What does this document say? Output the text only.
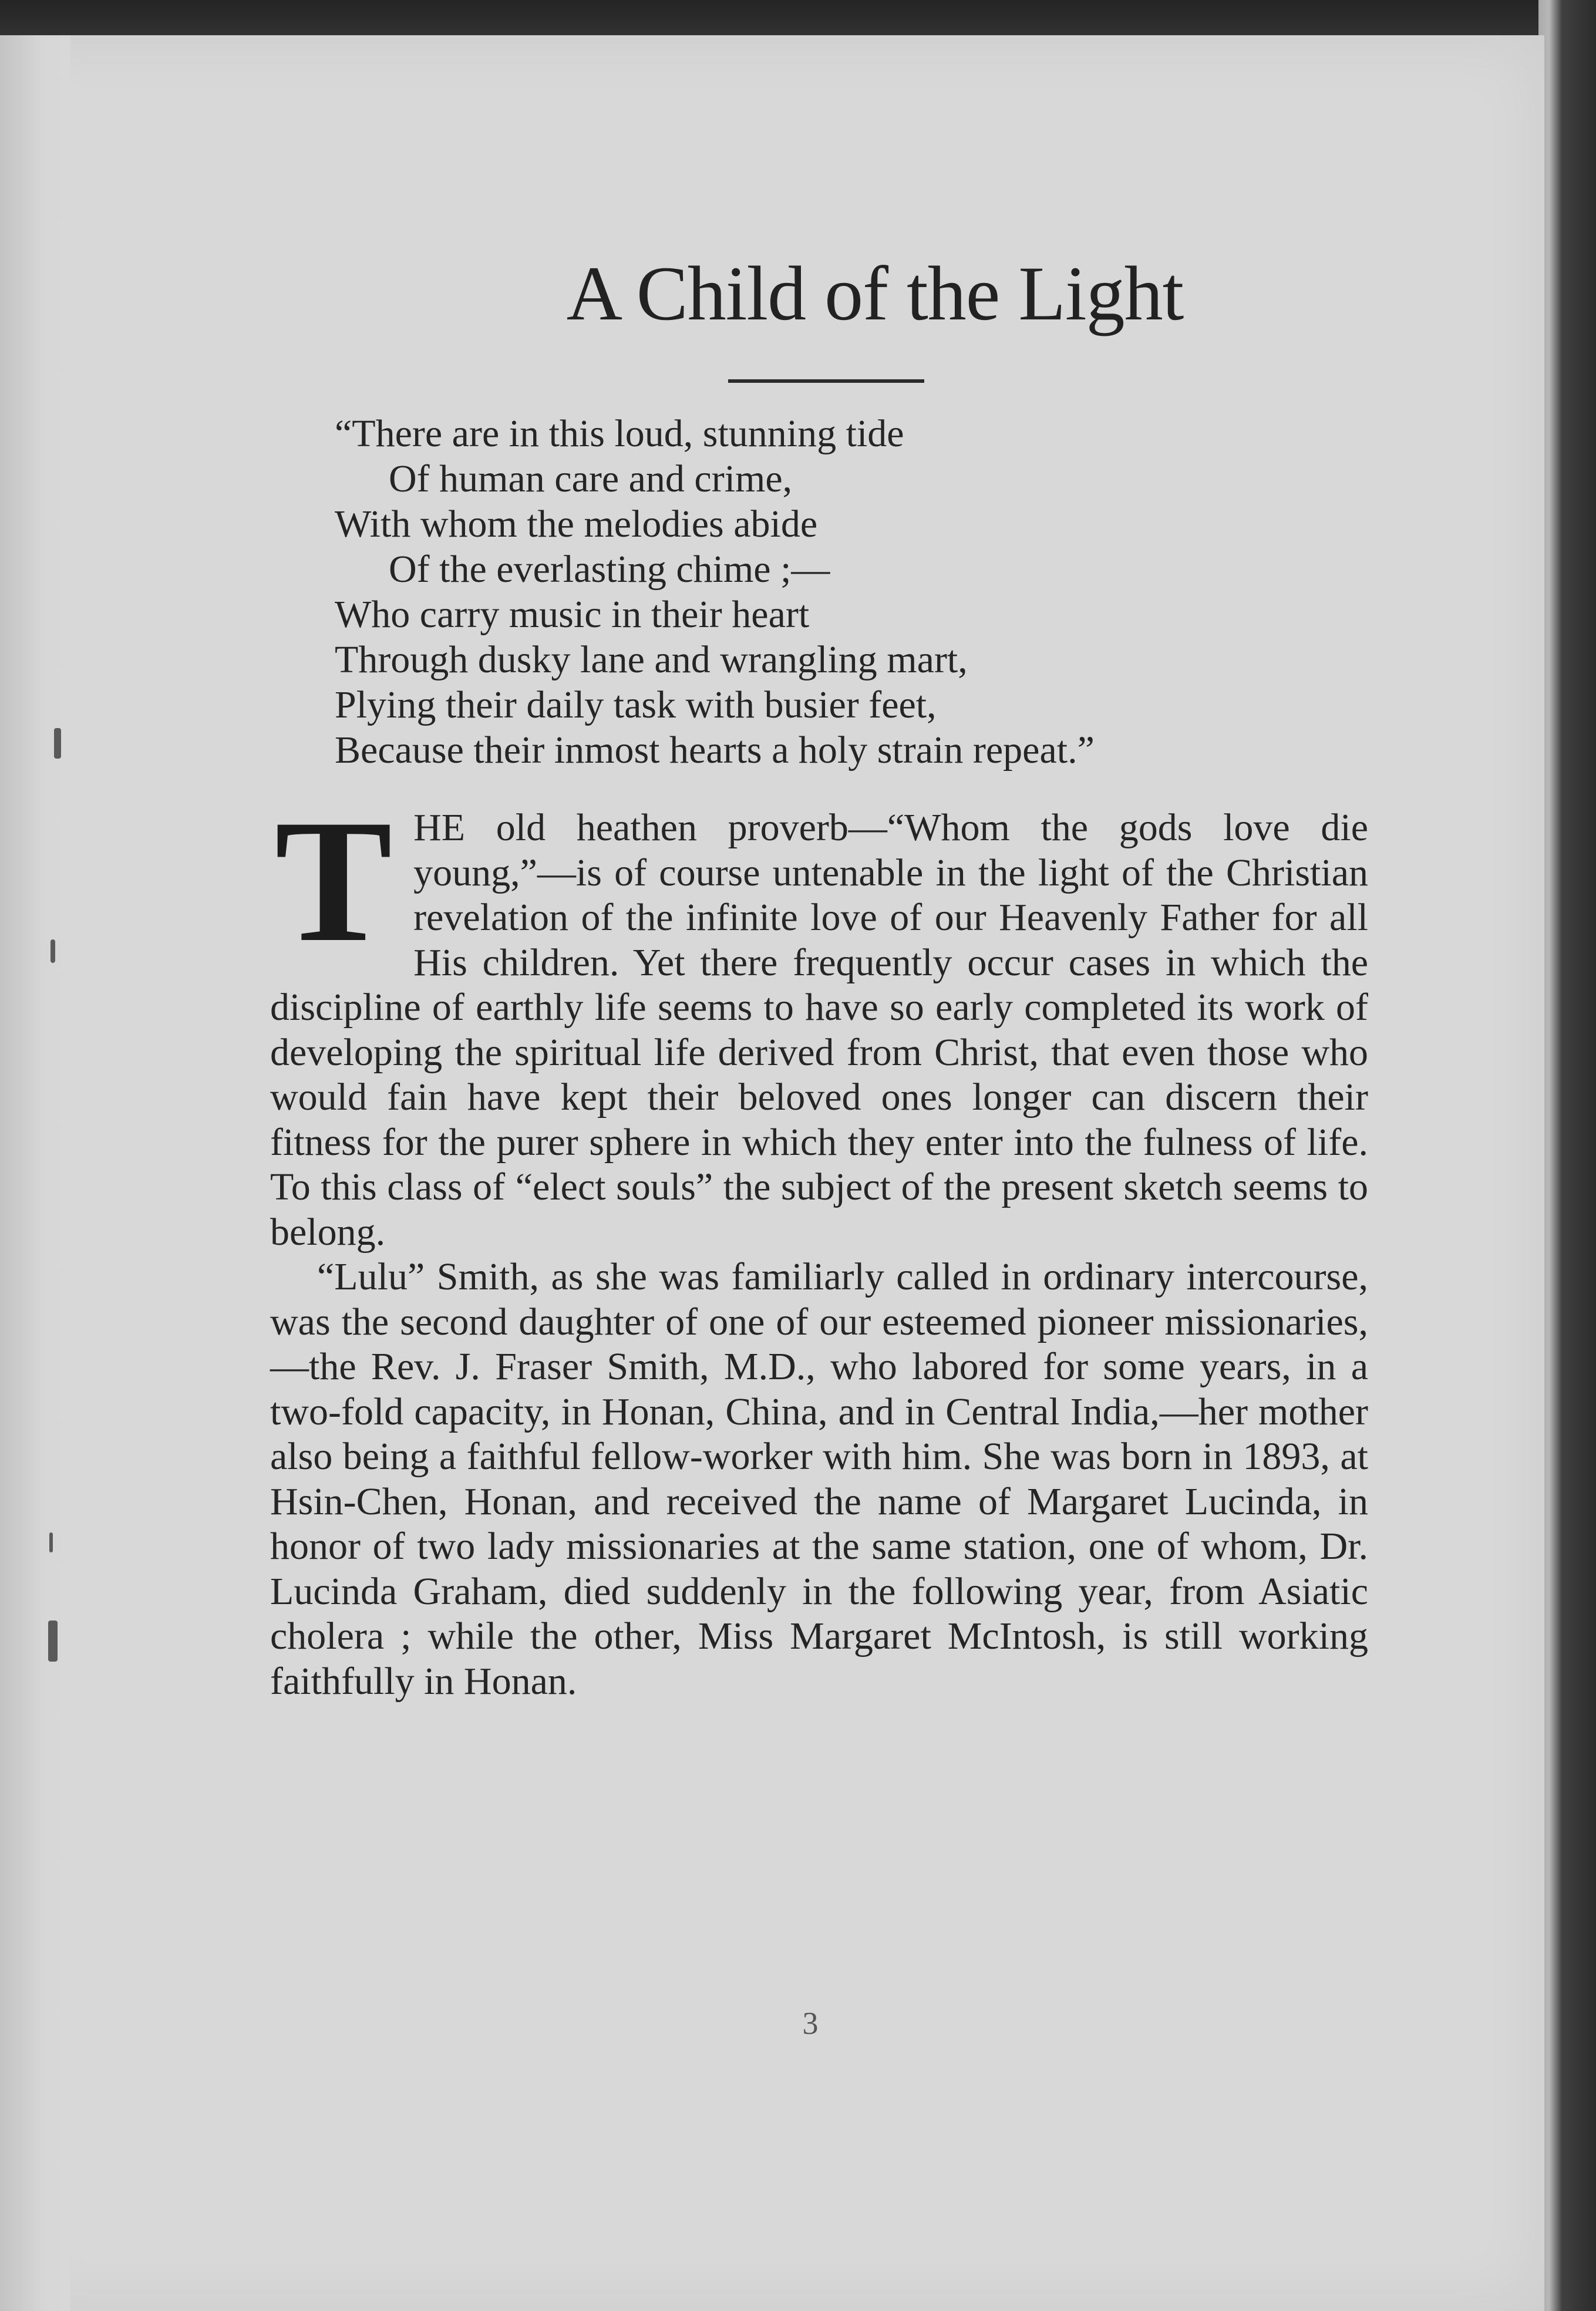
A Child of the Light
“There are in this loud, stunning tide
Of human care and crime,
With whom the melodies abide
Of the everlasting chime ;—
Who carry music in their heart
Through dusky lane and wrangling mart,
Plying their daily task with busier feet,
Because their inmost hearts a holy strain repeat.”

THE old heathen proverb—“Whom the gods love die young,”—is of course untenable in the light of the Christian revelation of the infinite love of our Heavenly Father for all His children. Yet there frequently occur cases in which the discipline of earthly life seems to have so early completed its work of developing the spiritual life derived from Christ, that even those who would fain have kept their beloved ones longer can discern their fitness for the purer sphere in which they enter into the fulness of life. To this class of “elect souls” the subject of the present sketch seems to belong.

“Lulu” Smith, as she was familiarly called in ordinary intercourse, was the second daughter of one of our esteemed pioneer missionaries,—the Rev. J. Fraser Smith, M.D., who labored for some years, in a two-fold capacity, in Honan, China, and in Central India,—her mother also being a faithful fellow-worker with him. She was born in 1893, at Hsin-Chen, Honan, and received the name of Margaret Lucinda, in honor of two lady missionaries at the same station, one of whom, Dr. Lucinda Graham, died suddenly in the following year, from Asiatic cholera ; while the other, Miss Margaret McIntosh, is still working faithfully in Honan.

3
